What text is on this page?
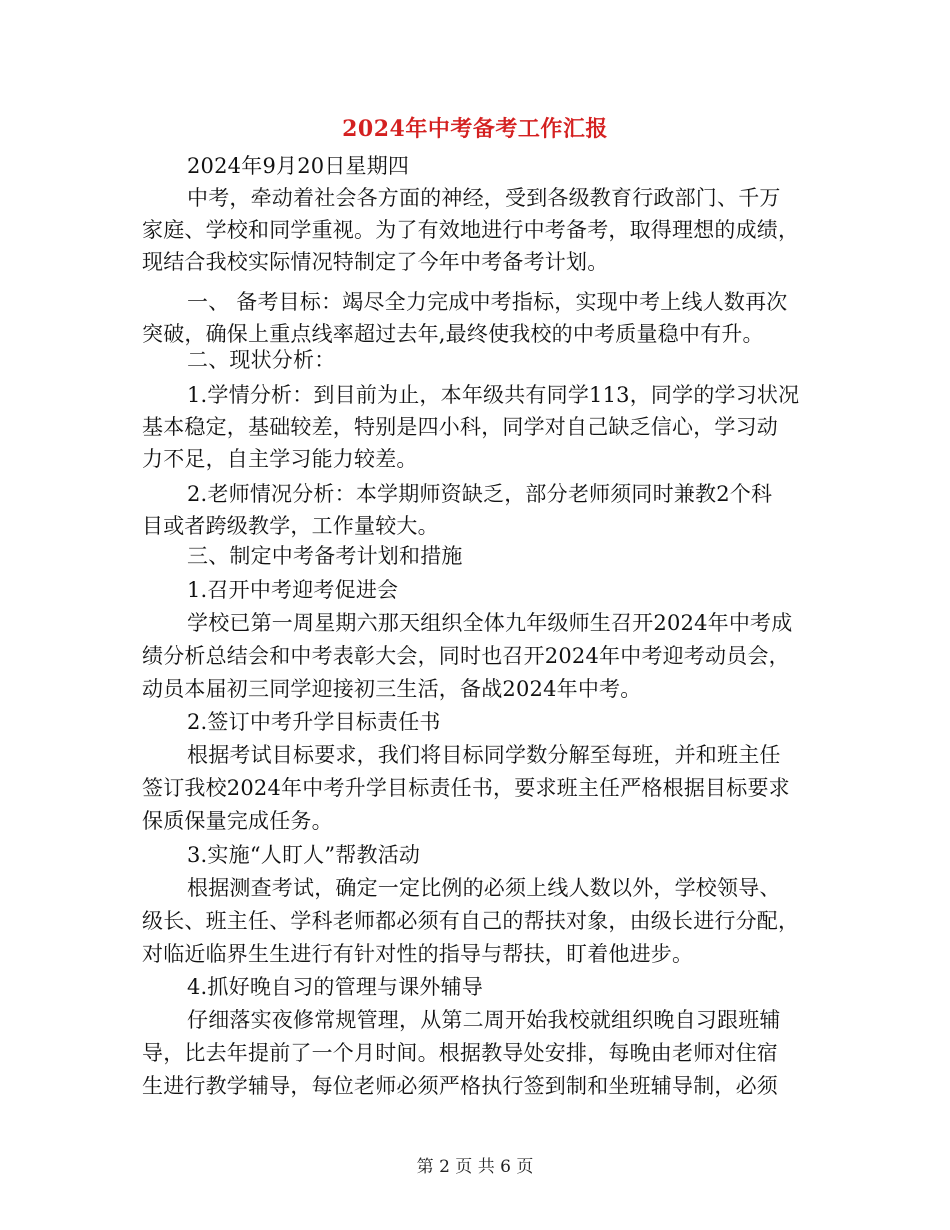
2024年中考备考工作汇报
2024年9月20日星期四
中考，牵动着社会各方面的神经，受到各级教育行政部门、千万
家庭、学校和同学重视。为了有效地进行中考备考，取得理想的成绩，
现结合我校实际情况特制定了今年中考备考计划。
一、 备考目标：竭尽全力完成中考指标，实现中考上线人数再次
突破，确保上重点线率超过去年,最终使我校的中考质量稳中有升。
二、现状分析：
1.学情分析：到目前为止，本年级共有同学113，同学的学习状况
基本稳定，基础较差，特别是四小科，同学对自己缺乏信心，学习动
力不足，自主学习能力较差。
2.老师情况分析：本学期师资缺乏，部分老师须同时兼教2个科
目或者跨级教学，工作量较大。
三、制定中考备考计划和措施
1.召开中考迎考促进会
学校已第一周星期六那天组织全体九年级师生召开2024年中考成
绩分析总结会和中考表彰大会，同时也召开2024年中考迎考动员会，
动员本届初三同学迎接初三生活，备战2024年中考。
2.签订中考升学目标责任书
根据考试目标要求，我们将目标同学数分解至每班，并和班主任
签订我校2024年中考升学目标责任书，要求班主任严格根据目标要求
保质保量完成任务。
3.实施“人盯人”帮教活动
根据测查考试，确定一定比例的必须上线人数以外，学校领导、
级长、班主任、学科老师都必须有自己的帮扶对象，由级长进行分配，
对临近临界生生进行有针对性的指导与帮扶，盯着他进步。
4.抓好晚自习的管理与课外辅导
仔细落实夜修常规管理，从第二周开始我校就组织晚自习跟班辅
导，比去年提前了一个月时间。根据教导处安排，每晚由老师对住宿
生进行教学辅导，每位老师必须严格执行签到制和坐班辅导制，必须
第 2 页 共 6 页
